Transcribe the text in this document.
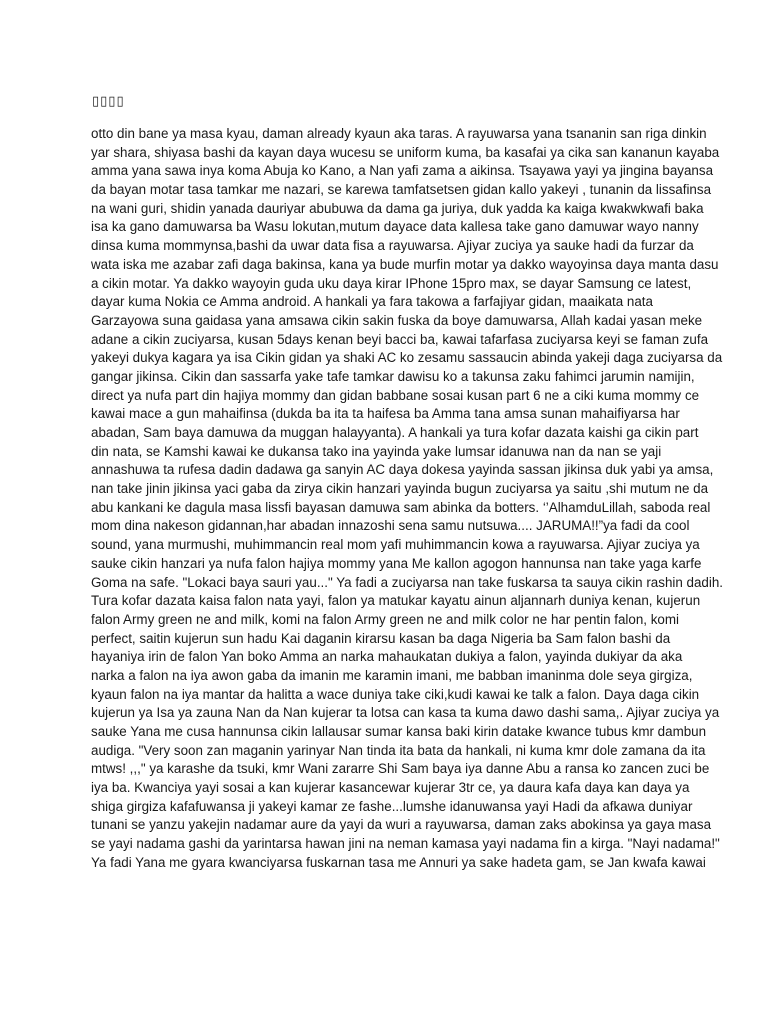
▯▯▯▯
otto din bane ya masa kyau, daman already kyaun aka taras. A rayuwarsa yana tsananin san riga dinkin
yar shara, shiyasa bashi da kayan daya wucesu se uniform kuma, ba kasafai ya cika san kananun kayaba
amma yana sawa inya koma Abuja ko Kano, a Nan yafi zama a aikinsa. Tsayawa yayi ya jingina bayansa
da bayan motar tasa tamkar me nazari, se karewa tamfatsetsen gidan kallo yakeyi , tunanin da lissafinsa
na wani guri, shidin yanada dauriyar abubuwa da dama ga juriya, duk yadda ka kaiga kwakwkwafi baka
isa ka gano damuwarsa ba Wasu lokutan,mutum dayace data kallesa take gano damuwar wayo nanny
dinsa kuma mommynsa,bashi da uwar data fisa a rayuwarsa. Ajiyar zuciya ya sauke hadi da furzar da
wata iska me azabar zafi daga bakinsa, kana ya bude murfin motar ya dakko wayoyinsa daya manta dasu
a cikin motar. Ya dakko wayoyin guda uku daya kirar IPhone 15pro max, se dayar Samsung ce latest,
dayar kuma Nokia ce Amma android. A hankali ya fara takowa a farfajiyar gidan, maaikata nata
Garzayowa suna gaidasa yana amsawa cikin sakin fuska da boye damuwarsa, Allah kadai yasan meke
adane a cikin zuciyarsa, kusan 5days kenan beyi bacci ba, kawai tafarfasa zuciyarsa keyi se faman zufa
yakeyi dukya kagara ya isa Cikin gidan ya shaki AC ko zesamu sassaucin abinda yakeji daga zuciyarsa da
gangar jikinsa. Cikin dan sassarfa yake tafe tamkar dawisu ko a takunsa zaku fahimci jarumin namijin,
direct ya nufa part din hajiya mommy dan gidan babbane sosai kusan part 6 ne a ciki kuma mommy ce
kawai mace a gun mahaifinsa (dukda ba ita ta haifesa ba Amma tana amsa sunan mahaifiyarsa har
abadan, Sam baya damuwa da muggan halayyanta). A hankali ya tura kofar dazata kaishi ga cikin part
din nata, se Kamshi kawai ke dukansa tako ina yayinda yake lumsar idanuwa nan da nan se yaji
annashuwa ta rufesa dadin dadawa ga sanyin AC daya dokesa yayinda sassan jikinsa duk yabi ya amsa,
nan take jinin jikinsa yaci gaba da zirya cikin hanzari yayinda bugun zuciyarsa ya saitu ,shi mutum ne da
abu kankani ke dagula masa lissfi bayasan damuwa sam abinka da botters. ‘’AlhamduLillah, saboda real
mom dina nakeson gidannan,har abadan innazoshi sena samu nutsuwa.... JARUMA!!”ya fadi da cool
sound, yana murmushi, muhimmancin real mom yafi muhimmancin kowa a rayuwarsa. Ajiyar zuciya ya
sauke cikin hanzari ya nufa falon hajiya mommy yana Me kallon agogon hannunsa nan take yaga karfe
Goma na safe. "Lokaci baya sauri yau..." Ya fadi a zuciyarsa nan take fuskarsa ta sauya cikin rashin dadih.
Tura kofar dazata kaisa falon nata yayi, falon ya matukar kayatu ainun aljannarh duniya kenan, kujerun
falon Army green ne and milk, komi na falon Army green ne and milk color ne har pentin falon, komi
perfect, saitin kujerun sun hadu Kai daganin kirarsu kasan ba daga Nigeria ba Sam falon bashi da
hayaniya irin de falon Yan boko Amma an narka mahaukatan dukiya a falon, yayinda dukiyar da aka
narka a falon na iya awon gaba da imanin me karamin imani, me babban imaninma dole seya girgiza,
kyaun falon na iya mantar da halitta a wace duniya take ciki,kudi kawai ke talk a falon. Daya daga cikin
kujerun ya Isa ya zauna Nan da Nan kujerar ta lotsa can kasa ta kuma dawo dashi sama,. Ajiyar zuciya ya
sauke Yana me cusa hannunsa cikin lallausar sumar kansa baki kirin datake kwance tubus kmr dambun
audiga. "Very soon zan maganin yarinyar Nan tinda ita bata da hankali, ni kuma kmr dole zamana da ita
mtws! ,,," ya karashe da tsuki, kmr Wani zararre Shi Sam baya iya danne Abu a ransa ko zancen zuci be
iya ba. Kwanciya yayi sosai a kan kujerar kasancewar kujerar 3tr ce, ya daura kafa daya kan daya ya
shiga girgiza kafafuwansa ji yakeyi kamar ze fashe...lumshe idanuwansa yayi Hadi da afkawa duniyar
tunani se yanzu yakejin nadamar aure da yayi da wuri a rayuwarsa, daman zaks abokinsa ya gaya masa
se yayi nadama gashi da yarintarsa hawan jini na neman kamasa yayi nadama fin a kirga. "Nayi nadama!"
Ya fadi Yana me gyara kwanciyarsa fuskarnan tasa me Annuri ya sake hadeta gam, se Jan kwafa kawai
